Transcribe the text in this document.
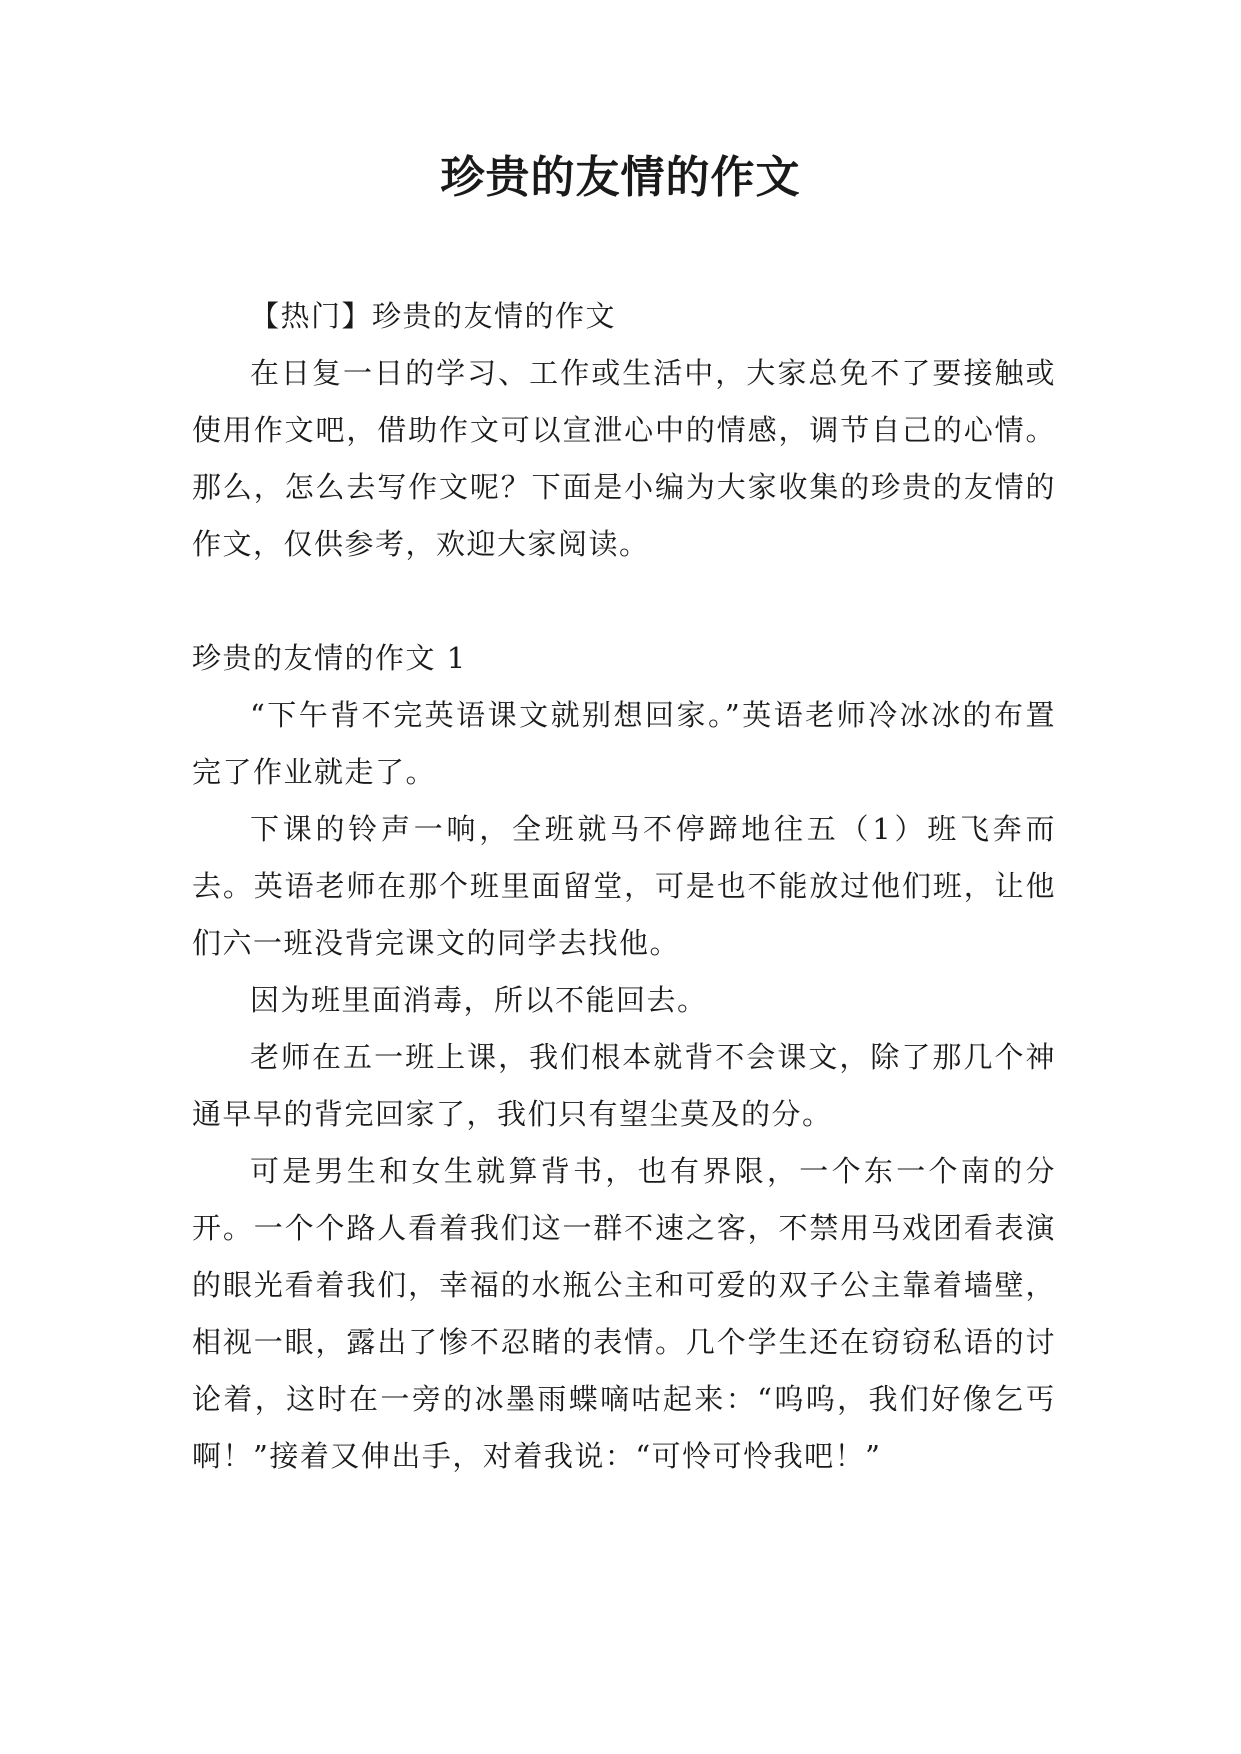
珍贵的友情的作文

【热门】珍贵的友情的作文

在日复一日的学习、工作或生活中，大家总免不了要接触或使用作文吧，借助作文可以宣泄心中的情感，调节自己的心情。那么，怎么去写作文呢？下面是小编为大家收集的珍贵的友情的作文，仅供参考，欢迎大家阅读。

珍贵的友情的作文 1

“下午背不完英语课文就别想回家。”英语老师冷冰冰的布置完了作业就走了。

下课的铃声一响，全班就马不停蹄地往五（1）班飞奔而去。英语老师在那个班里面留堂，可是也不能放过他们班，让他们六一班没背完课文的同学去找他。

因为班里面消毒，所以不能回去。

老师在五一班上课，我们根本就背不会课文，除了那几个神通早早的背完回家了，我们只有望尘莫及的分。

可是男生和女生就算背书，也有界限，一个东一个南的分开。一个个路人看着我们这一群不速之客，不禁用马戏团看表演的眼光看着我们，幸福的水瓶公主和可爱的双子公主靠着墙壁，相视一眼，露出了惨不忍睹的表情。几个学生还在窃窃私语的讨论着，这时在一旁的冰墨雨蝶嘀咕起来：“呜呜，我们好像乞丐啊！”接着又伸出手，对着我说：“可怜可怜我吧！”
